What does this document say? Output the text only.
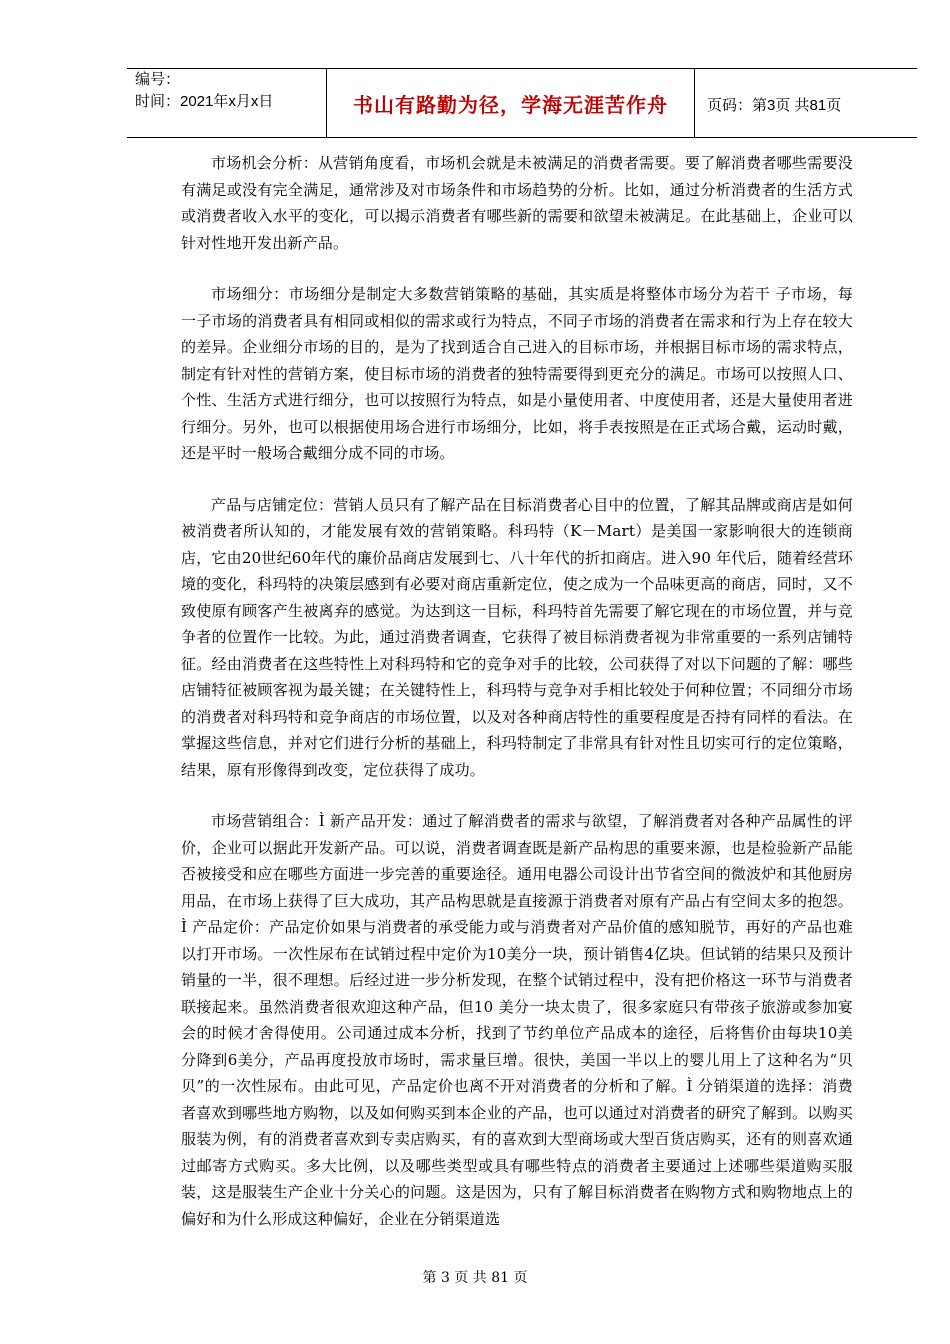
编号：
时间：2021年x月x日	书山有路勤为径，学海无涯苦作舟	页码：第3页 共81页

市场机会分析：从营销角度看，市场机会就是未被满足的消费者需要。要了解消费者哪些需要没有满足或没有完全满足，通常涉及对市场条件和市场趋势的分析。比如，通过分析消费者的生活方式或消费者收入水平的变化，可以揭示消费者有哪些新的需要和欲望未被满足。在此基础上，企业可以针对性地开发出新产品。

市场细分：市场细分是制定大多数营销策略的基础，其实质是将整体市场分为若干 子市场，每一子市场的消费者具有相同或相似的需求或行为特点，不同子市场的消费者在需求和行为上存在较大的差异。企业细分市场的目的，是为了找到适合自己进入的目标市场，并根据目标市场的需求特点，制定有针对性的营销方案，使目标市场的消费者的独特需要得到更充分的满足。市场可以按照人口、个性、生活方式进行细分，也可以按照行为特点，如是小量使用者、中度使用者，还是大量使用者进行细分。另外，也可以根据使用场合进行市场细分，比如，将手表按照是在正式场合戴，运动时戴，还是平时一般场合戴细分成不同的市场。

产品与店铺定位：营销人员只有了解产品在目标消费者心目中的位置，了解其品牌或商店是如何被消费者所认知的，才能发展有效的营销策略。科玛特（K－Mart）是美国一家影响很大的连锁商店，它由20世纪60年代的廉价品商店发展到七、八十年代的折扣商店。进入90 年代后，随着经营环境的变化，科玛特的决策层感到有必要对商店重新定位，使之成为一个品味更高的商店，同时，又不致使原有顾客产生被离弃的感觉。为达到这一目标，科玛特首先需要了解它现在的市场位置，并与竞争者的位置作一比较。为此，通过消费者调查，它获得了被目标消费者视为非常重要的一系列店铺特征。经由消费者在这些特性上对科玛特和它的竞争对手的比较，公司获得了对以下问题的了解：哪些店铺特征被顾客视为最关键；在关键特性上，科玛特与竞争对手相比较处于何种位置；不同细分市场的消费者对科玛特和竞争商店的市场位置，以及对各种商店特性的重要程度是否持有同样的看法。在掌握这些信息，并对它们进行分析的基础上，科玛特制定了非常具有针对性且切实可行的定位策略，结果，原有形像得到改变，定位获得了成功。

市场营销组合：Ì 新产品开发：通过了解消费者的需求与欲望，了解消费者对各种产品属性的评价，企业可以据此开发新产品。可以说，消费者调查既是新产品构思的重要来源，也是检验新产品能否被接受和应在哪些方面进一步完善的重要途径。通用电器公司设计出节省空间的微波炉和其他厨房用品，在市场上获得了巨大成功，其产品构思就是直接源于消费者对原有产品占有空间太多的抱怨。Ì 产品定价：产品定价如果与消费者的承受能力或与消费者对产品价值的感知脱节，再好的产品也难以打开市场。一次性尿布在试销过程中定价为10美分一块，预计销售4亿块。但试销的结果只及预计销量的一半，很不理想。后经过进一步分析发现，在整个试销过程中，没有把价格这一环节与消费者联接起来。虽然消费者很欢迎这种产品，但10 美分一块太贵了，很多家庭只有带孩子旅游或参加宴会的时候才舍得使用。公司通过成本分析，找到了节约单位产品成本的途径，后将售价由每块10美分降到6美分，产品再度投放市场时，需求量巨增。很快，美国一半以上的婴儿用上了这种名为“贝贝”的一次性尿布。由此可见，产品定价也离不开对消费者的分析和了解。Ì 分销渠道的选择：消费者喜欢到哪些地方购物，以及如何购买到本企业的产品，也可以通过对消费者的研究了解到。以购买服装为例，有的消费者喜欢到专卖店购买，有的喜欢到大型商场或大型百货店购买，还有的则喜欢通过邮寄方式购买。多大比例，以及哪些类型或具有哪些特点的消费者主要通过上述哪些渠道购买服装，这是服装生产企业十分关心的问题。这是因为，只有了解目标消费者在购物方式和购物地点上的偏好和为什么形成这种偏好，企业在分销渠道选

第 3 页 共 81 页
